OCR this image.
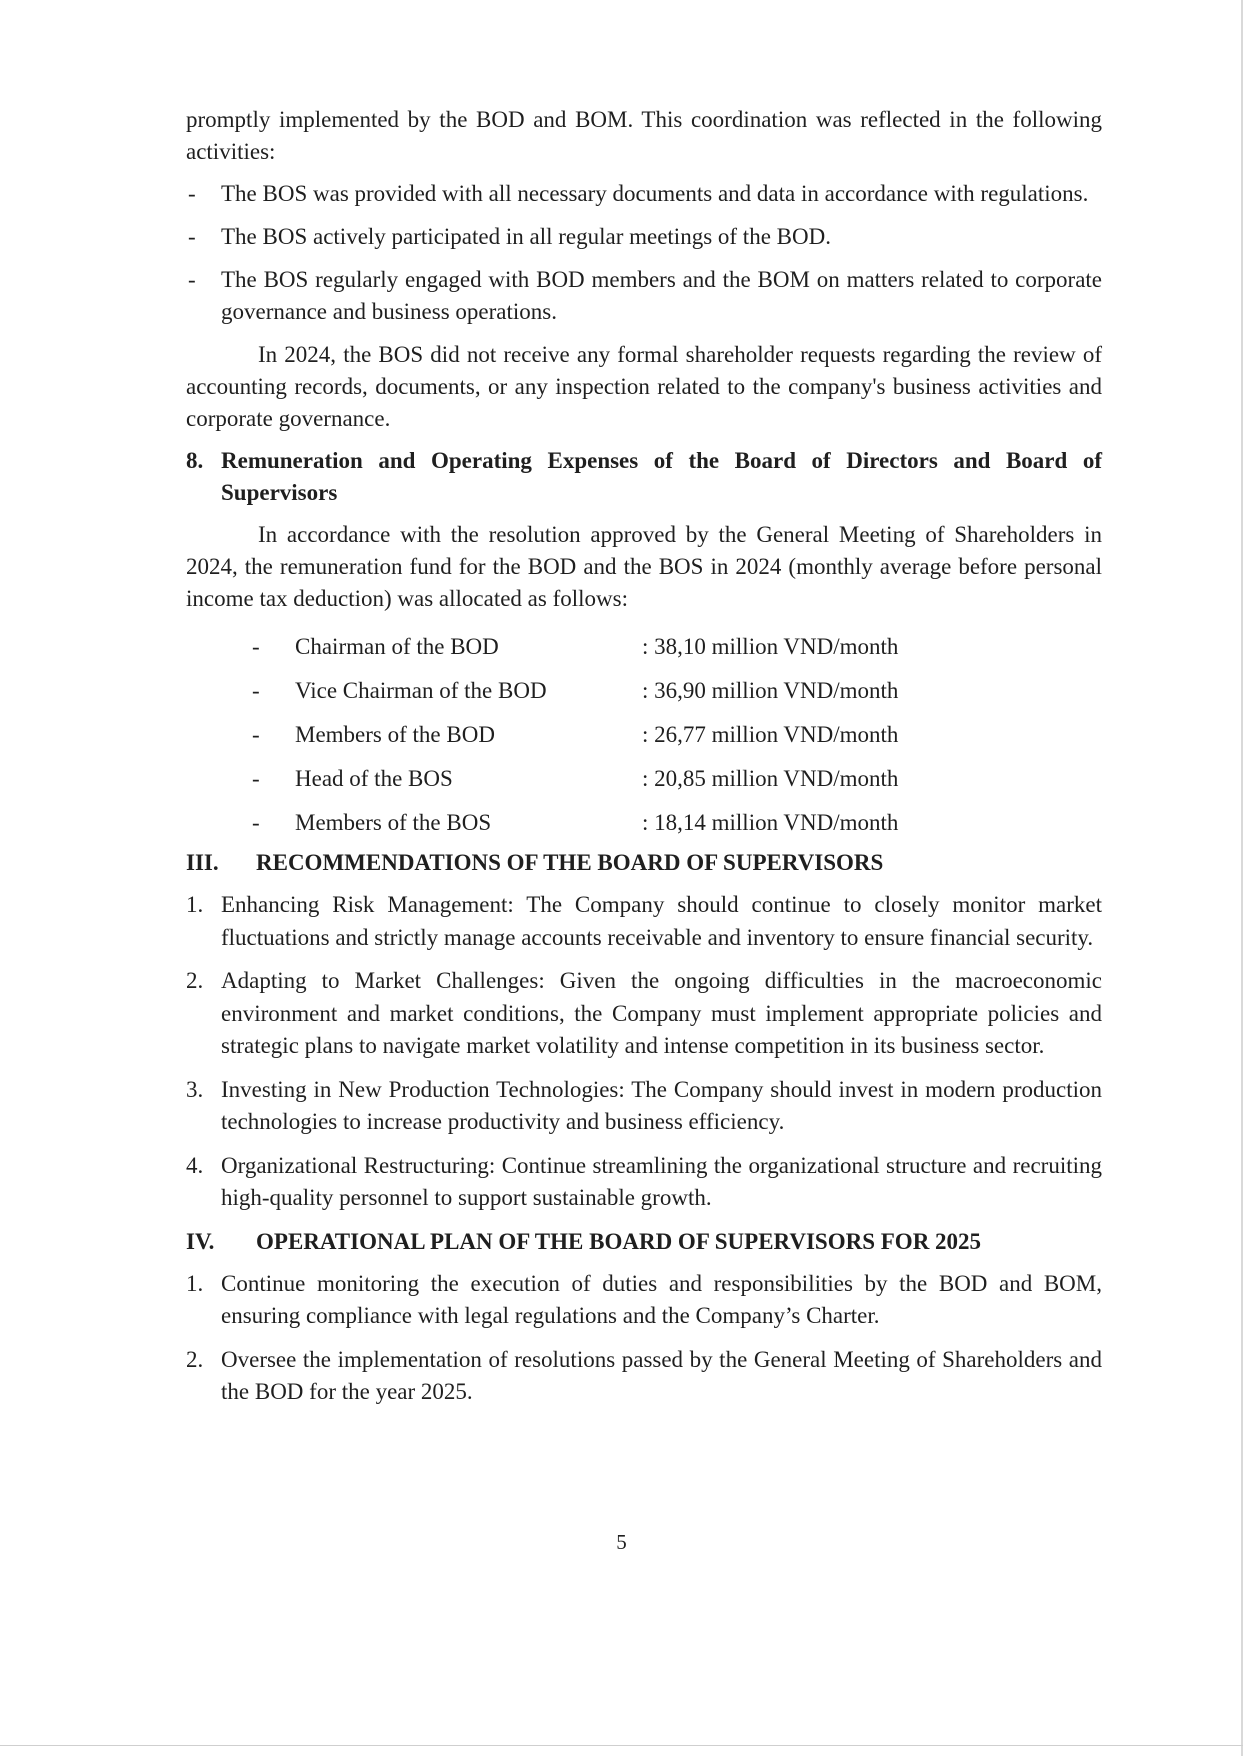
promptly implemented by the BOD and BOM. This coordination was reflected in the following activities:

- The BOS was provided with all necessary documents and data in accordance with regulations.
- The BOS actively participated in all regular meetings of the BOD.
- The BOS regularly engaged with BOD members and the BOM on matters related to corporate governance and business operations.

In 2024, the BOS did not receive any formal shareholder requests regarding the review of accounting records, documents, or any inspection related to the company's business activities and corporate governance.

8. Remuneration and Operating Expenses of the Board of Directors and Board of Supervisors

In accordance with the resolution approved by the General Meeting of Shareholders in 2024, the remuneration fund for the BOD and the BOS in 2024 (monthly average before personal income tax deduction) was allocated as follows:

- Chairman of the BOD	: 38,10 million VND/month
- Vice Chairman of the BOD	: 36,90 million VND/month
- Members of the BOD	: 26,77 million VND/month
- Head of the BOS	: 20,85 million VND/month
- Members of the BOS	: 18,14 million VND/month
III. RECOMMENDATIONS OF THE BOARD OF SUPERVISORS
1. Enhancing Risk Management: The Company should continue to closely monitor market fluctuations and strictly manage accounts receivable and inventory to ensure financial security.
2. Adapting to Market Challenges: Given the ongoing difficulties in the macroeconomic environment and market conditions, the Company must implement appropriate policies and strategic plans to navigate market volatility and intense competition in its business sector.
3. Investing in New Production Technologies: The Company should invest in modern production technologies to increase productivity and business efficiency.
4. Organizational Restructuring: Continue streamlining the organizational structure and recruiting high-quality personnel to support sustainable growth.
IV. OPERATIONAL PLAN OF THE BOARD OF SUPERVISORS FOR 2025
1. Continue monitoring the execution of duties and responsibilities by the BOD and BOM, ensuring compliance with legal regulations and the Company’s Charter.
2. Oversee the implementation of resolutions passed by the General Meeting of Shareholders and the BOD for the year 2025.
5
